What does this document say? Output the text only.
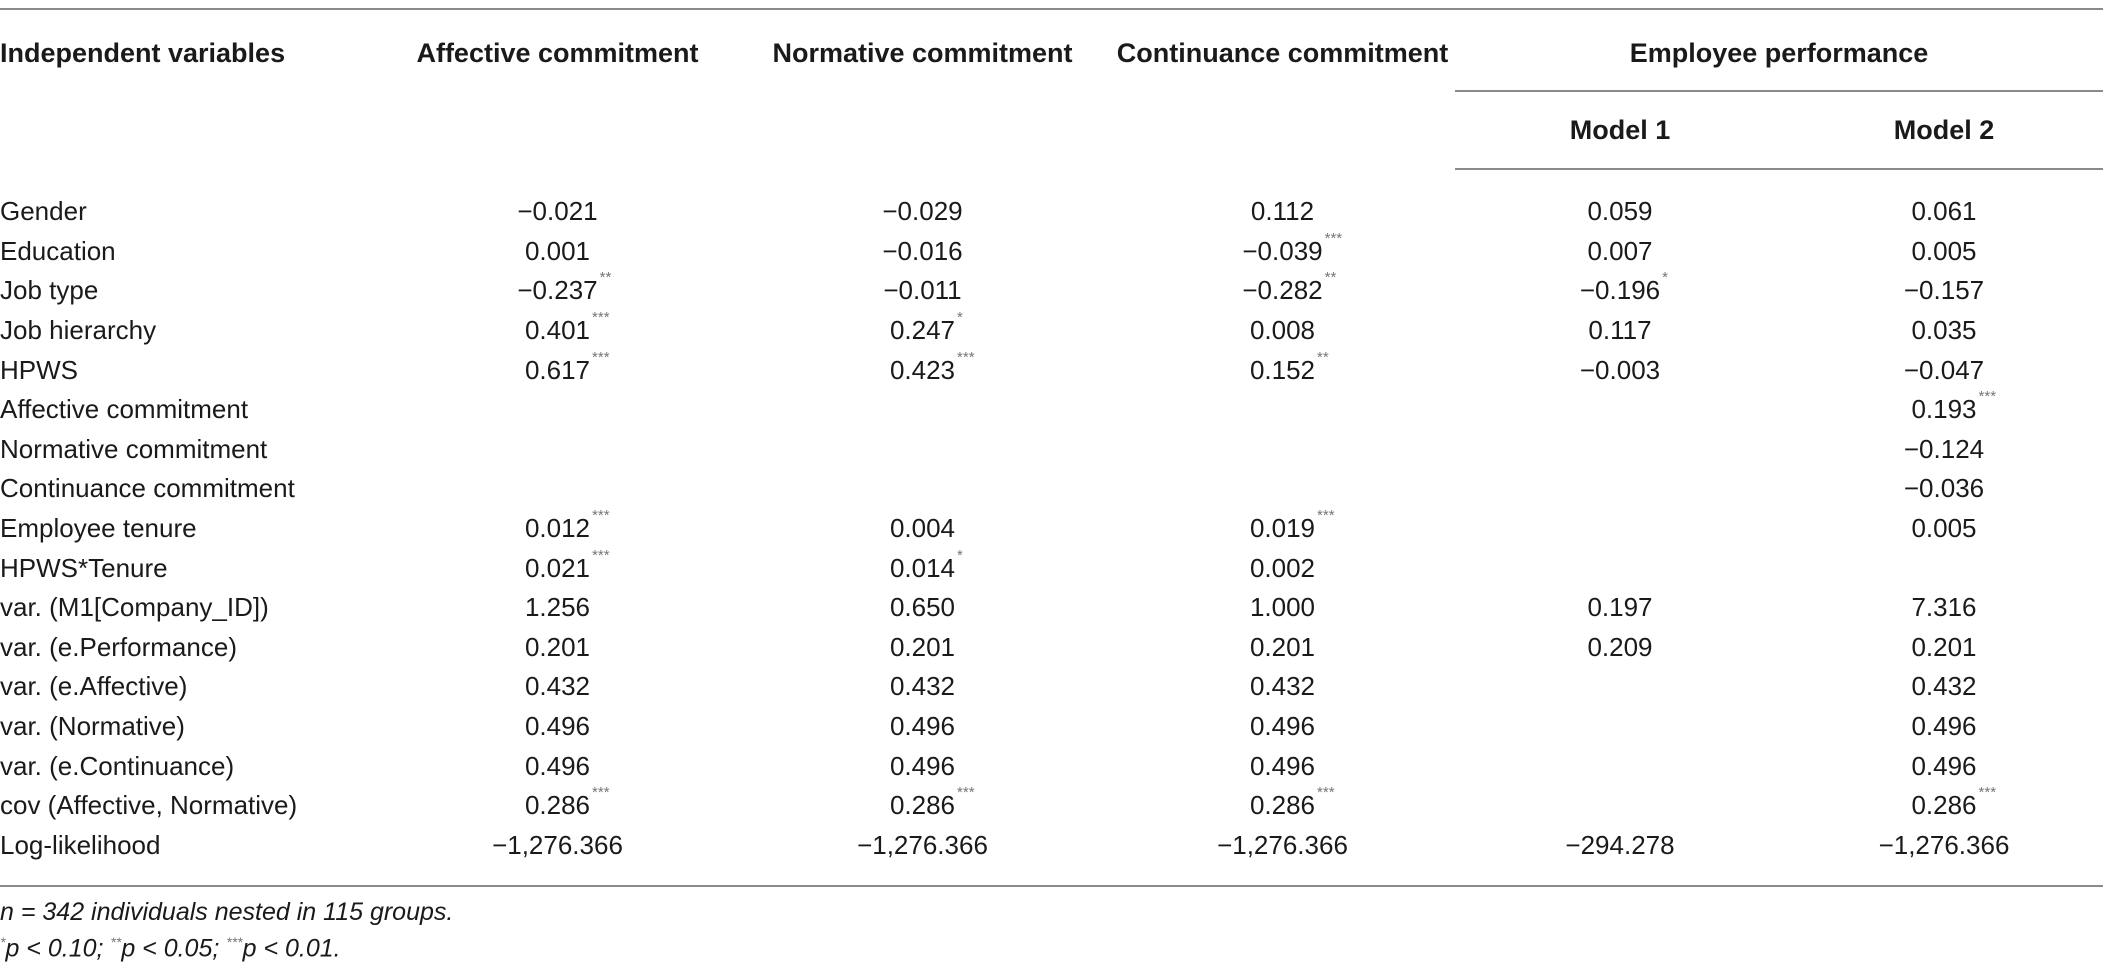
Independent variables	Affective commitment	Normative commitment	Continuance commitment	Employee performance	
				Model 1	Model 2
Gender	−0.021	−0.029	0.112	0.059	0.061
Education	0.001	−0.016	−0.039 ***	0.007	0.005
Job type	−0.237 **	−0.011	−0.282 **	−0.196 *	−0.157
Job hierarchy	0.401 ***	0.247 *	0.008	0.117	0.035
HPWS	0.617 ***	0.423 ***	0.152 **	−0.003	−0.047
Affective commitment					0.193 ***

Normative commitment					−0.124
Continuance commitment					−0.036
Employee tenure	0.012 ***	0.004	0.019 ***		0.005
HPWS*Tenure	0.021 ***	0.014 *	0.002		
var. (M1[Company_ID])	1.256	0.650	1.000	0.197	7.316
var. (e.Performance)	0.201	0.201	0.201	0.209	0.201
var. (e.Affective)	0.432	0.432	0.432		0.432
var. (Normative)	0.496	0.496	0.496		0.496
var. (e.Continuance)	0.496	0.496	0.496		0.496
cov (Affective, Normative)	0.286 ***	0.286 ***	0.286 ***		0.286 ***

Log-likelihood	−1,276.366	−1,276.366	−1,276.366	−294.278	−1,276.366
n = 342 individuals nested in 115 groups.
*p < 0.10; **p < 0.05; ***p < 0.01.
